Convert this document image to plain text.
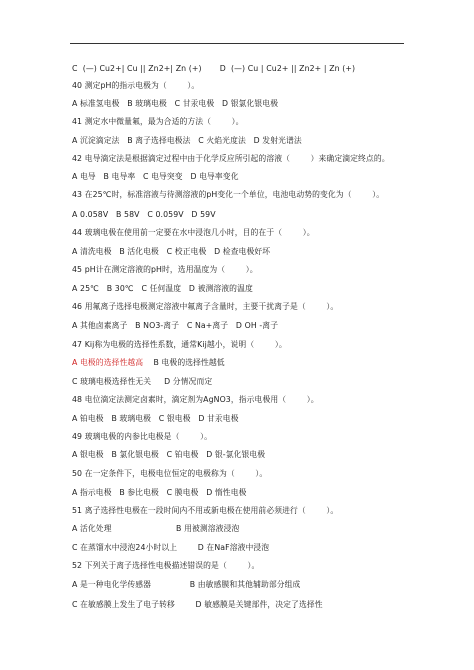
C  (—) Cu2+| Cu || Zn2+| Zn (+)       D  (—) Cu | Cu2+ || Zn2+ | Zn (+)
40 测定pH的指示电极为（        ）。
A 标准氢电极   B 玻璃电极   C 甘汞电极   D 银氯化银电极
41 测定水中微量氟，最为合适的方法（        ）。
A 沉淀滴定法   B 离子选择电极法   C 火焰光度法   D 发射光谱法
42 电导滴定法是根据滴定过程中由于化学反应所引起的溶液（        ）来确定滴定终点的。
A 电导   B 电导率   C 电导突变   D 电导率变化
43 在25℃时，标准溶液与待测溶液的pH变化一个单位，电池电动势的变化为（        ）。
A 0.058V   B 58V   C 0.059V   D 59V
44 玻璃电极在使用前一定要在水中浸泡几小时，目的在于（        ）。
A 清洗电极   B 活化电极   C 校正电极   D 检查电极好坏
45 pH计在测定溶液的pH时，选用温度为（        ）。
A 25℃   B 30℃   C 任何温度   D 被测溶液的温度
46 用氟离子选择电极测定溶液中氟离子含量时，主要干扰离子是（        ）。
A 其他卤素离子   B NO3-离子   C Na+离子   D OH -离子
47 Kij称为电极的选择性系数，通常Kij越小，说明（        ）。
A 电极的选择性越高    B 电极的选择性越低
C 玻璃电极选择性无关     D 分情况而定
48 电位滴定法测定卤素时，滴定剂为AgNO3，指示电极用（        ）。
A 铂电极   B 玻璃电极   C 银电极   D 甘汞电极
49 玻璃电极的内参比电极是（        ）。
A 银电极   B 氯化银电极   C 铂电极   D 银-氯化银电极
50 在一定条件下，电极电位恒定的电极称为（        ）。
A 指示电极   B 参比电极   C 膜电极   D 惰性电极
51 离子选择性电极在一段时间内不用或新电极在使用前必须进行（        ）。
A 活化处理                         B 用被测溶液浸泡
C 在蒸馏水中浸泡24小时以上        D 在NaF溶液中浸泡
52 下列关于离子选择性电极描述错误的是（        ）。
A 是一种电化学传感器               B 由敏感膜和其他辅助部分组成
C 在敏感膜上发生了电子转移        D 敏感膜是关键部件，决定了选择性
